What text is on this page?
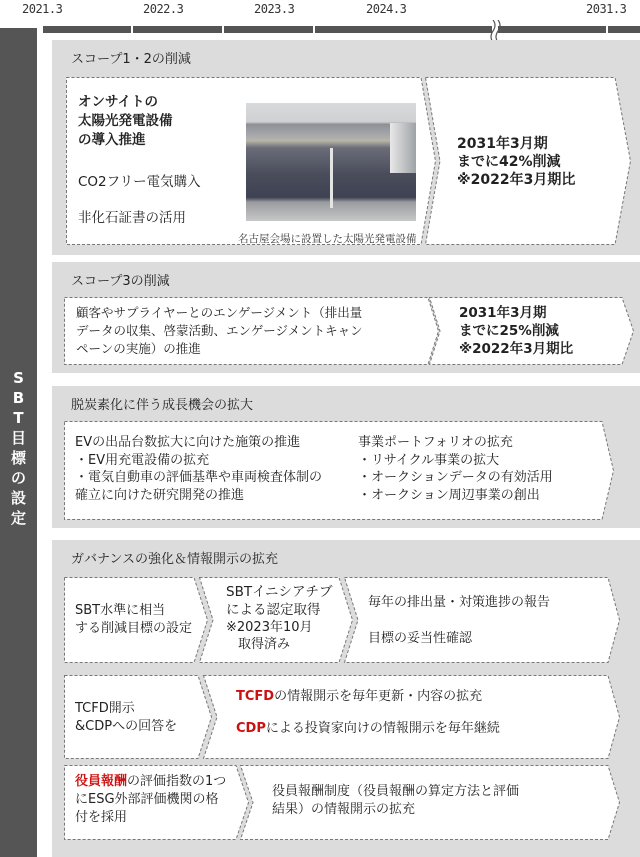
2021.3	2022.3	2023.3	2024.3	2031.3
S
B
T
目
標
の
設
定
スコープ1・2の削減
オンサイトの
太陽光発電設備
の導入推進
CO2フリー電気購入
非化石証書の活用
名古屋会場に設置した太陽光発電設備
2031年3月期
までに42%削減
※2022年3月期比
スコープ3の削減
顧客やサプライヤーとのエンゲージメント（排出量
データの収集、啓蒙活動、エンゲージメントキャン
ペーンの実施）の推進
2031年3月期
までに25%削減
※2022年3月期比
脱炭素化に伴う成長機会の拡大
EVの出品台数拡大に向けた施策の推進
・EV用充電設備の拡充
・電気自動車の評価基準や車両検査体制の
確立に向けた研究開発の推進
事業ポートフォリオの拡充
・リサイクル事業の拡大
・オークションデータの有効活用
・オークション周辺事業の創出
ガバナンスの強化＆情報開示の拡充
SBT水準に相当
する削減目標の設定
SBTイニシアチブ
による認定取得
※2023年10月
取得済み
毎年の排出量・対策進捗の報告
目標の妥当性確認
TCFD開示
&CDPへの回答を
TCFDの情報開示を毎年更新・内容の拡充
CDPによる投資家向けの情報開示を毎年継続
役員報酬の評価指数の1つ
にESG外部評価機関の格
付を採用
役員報酬制度（役員報酬の算定方法と評価
結果）の情報開示の拡充
